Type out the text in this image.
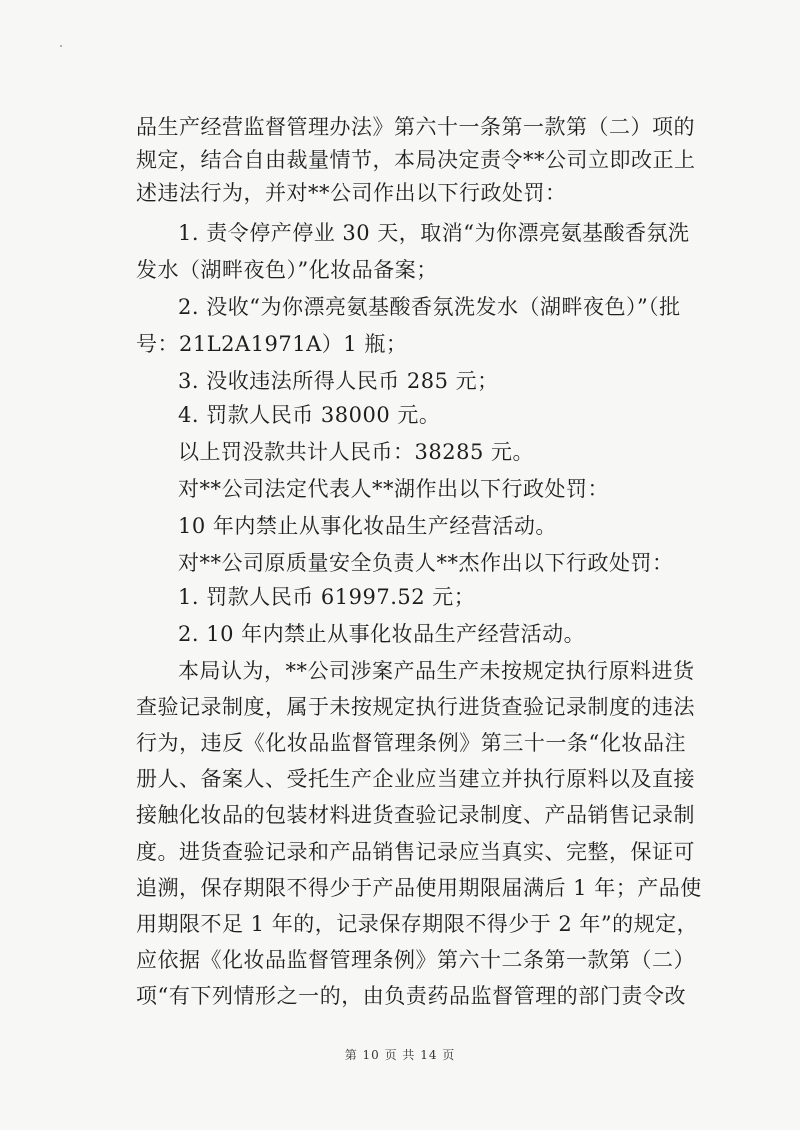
品生产经营监督管理办法》第六十一条第一款第（二）项的
规定，结合自由裁量情节，本局决定责令**公司立即改正上
述违法行为，并对**公司作出以下行政处罚：
1. 责令停产停业 30 天，取消“为你漂亮氨基酸香氛洗
发水（湖畔夜色）”化妆品备案；
2. 没收“为你漂亮氨基酸香氛洗发水（湖畔夜色）”（批
号：21L2A1971A）1 瓶；
3. 没收违法所得人民币 285 元；
4. 罚款人民币 38000 元。
以上罚没款共计人民币：38285 元。
对**公司法定代表人**湖作出以下行政处罚：
10 年内禁止从事化妆品生产经营活动。
对**公司原质量安全负责人**杰作出以下行政处罚：
1. 罚款人民币 61997.52 元；
2. 10 年内禁止从事化妆品生产经营活动。
本局认为，**公司涉案产品生产未按规定执行原料进货
查验记录制度，属于未按规定执行进货查验记录制度的违法
行为，违反《化妆品监督管理条例》第三十一条“化妆品注
册人、备案人、受托生产企业应当建立并执行原料以及直接
接触化妆品的包装材料进货查验记录制度、产品销售记录制
度。进货查验记录和产品销售记录应当真实、完整，保证可
追溯，保存期限不得少于产品使用期限届满后 1 年；产品使
用期限不足 1 年的，记录保存期限不得少于 2 年”的规定，
应依据《化妆品监督管理条例》第六十二条第一款第（二）
项“有下列情形之一的，由负责药品监督管理的部门责令改
第 10 页 共 14 页
